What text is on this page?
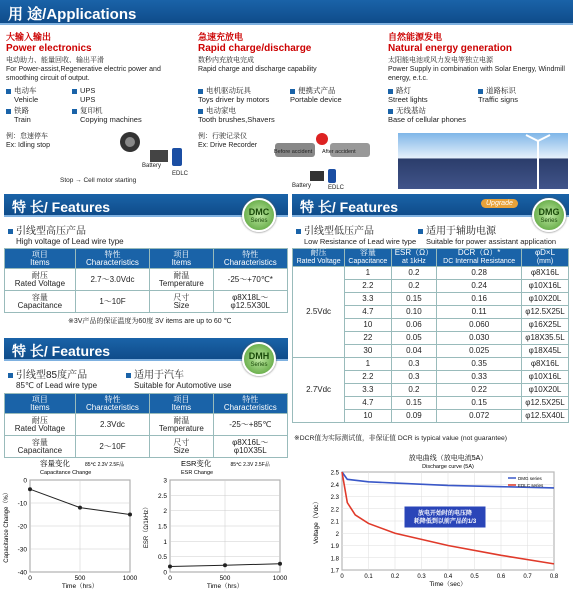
用 途/Applications
大输入输出
Power electronics
电动助力、能量回收、输出平滑
For Power-assist,Regenerative electric power and smoothing circuit of output.
电动车
Vehicle
UPS
UPS
铁路
Train
复印机
Copying machines
例：怠速停车
Ex: Idling stop
Battery
EDLC
Stop → Cell motor starting
急速充放电
Rapid charge/discharge
数秒内充放电完成
Rapid charge and discharge capability
电机驱动玩具
Toys driver by motors
便携式产品
Portable device
电动家电
Tooth brushes,Shavers
例：行驶记录仪
Ex: Drive Recorder
Before accident After accident
Battery	EDLC
自然能源发电
Natural energy generation
太阳能电池或风力发电等独立电源
Power Supply in combination with Solar Energy, Windmill energy, e.t.c.
路灯
Street lights
道路标识
Traffic signs
无线基站
Base of cellular phones
特 长/ Features	DMC
Series
引线型高压产品
High voltage of Lead wire type
项目
Items	特性
Characteristics	项目
Items	特性
Characteristics
耐压
Rated Voltage	2.7～3.0Vdc	耐温
Temperature	-25～+70℃*
容量
Capacitance	1～10F	尺寸
Size	φ8X18L～
φ12.5X30L
※3V产品的保证温度为60度 3V items are up to 60 ℃
特 长/ Features	DMH
Series
引线型85度产品
85℃ of Lead wire type
适用于汽车
Suitable for Automotive use
项目
Items	特性
Characteristics	项目
Items	特性
Characteristics
耐压
Rated Voltage	2.3Vdc	耐温
Temperature	-25～+85℃
容量
Capacitance	2～10F	尺寸
Size	φ8X16L～
φ10X35L
特 长/ Features	Upgrade
DMG
Series
引线型低压产品
Low Resistance of Lead wire type
适用于辅助电源
Suitable for power assistant application
耐压
Rated Voltage	容量
Capacitance	ESR（Ω）
at 1kHz	DCR（Ω）*
DC Internal Resistance	φD×L
(mm)
2.5Vdc	1	0.2	0.28	φ8X16L
	2.2	0.2	0.24	φ10X16L
	3.3	0.15	0.16	φ10X20L
	4.7	0.10	0.11	φ12.5X25L
	10	0.06	0.060	φ16X25L
	22	0.05	0.030	φ18X35.5L
	30	0.04	0.025	φ18X45L
2.7Vdc	1	0.3	0.35	φ8X16L
	2.2	0.3	0.33	φ10X16L
	3.3	0.2	0.22	φ10X20L
	4.7	0.15	0.15	φ12.5X25L
	10	0.09	0.072	φ12.5X40L
※DCR值为实际测试值，非保证值 DCR is typical value (not guarantee)
0
-10
-20
-30
-40
0	500	1000
容量变化
Capacitance Change
85℃ 2.3V 2.5F品
Time（hrs）
Capacitance Change（%）
0
0.5
1
1.5
2
2.5
3
0	500	1000
ESR变化
ESR Change
85℃ 2.3V 2.5F品
Time（hrs）
ESR（Ω/1kHz）
2.5
2.4
2.3
2.2
2.1
2
1.9
1.8
1.7
0	0.1	0.2	0.3	0.4	0.5	0.6	0.7	0.8
DMG series
EDLC series
放电曲线（放电电流5A）
Discharge curve (5A)
Time（sec）
Voltage（Vdc）	放电开始时的电压降
耗降低到以前产品的1/3
